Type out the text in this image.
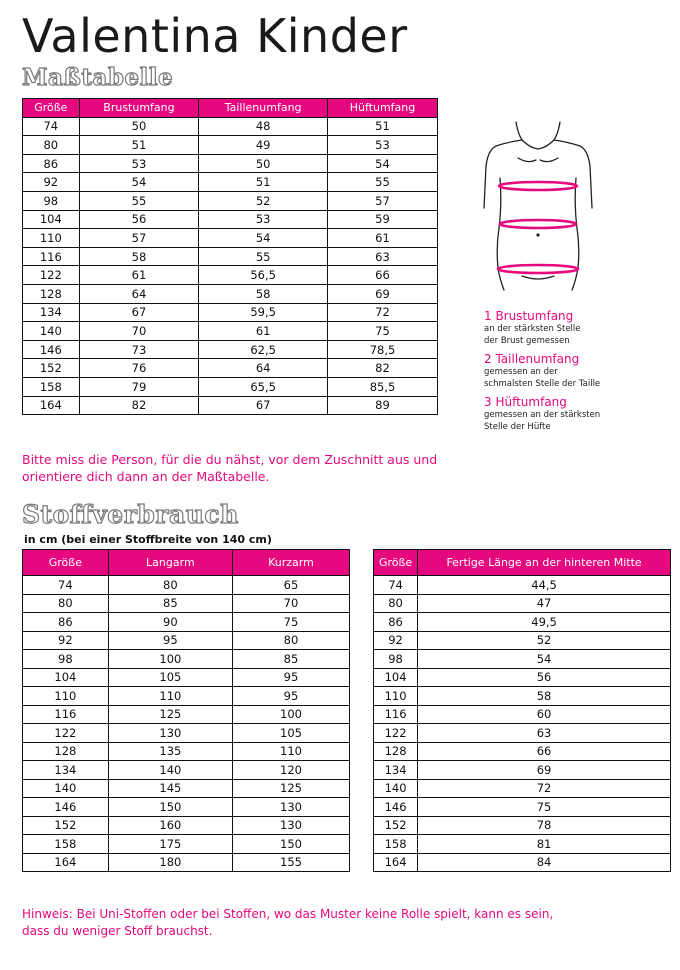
Valentina Kinder
Maßtabelle
Größe	Brustumfang	Taillenumfang	Hüftumfang
74	50	48	51
80	51	49	53
86	53	50	54
92	54	51	55
98	55	52	57
104	56	53	59
110	57	54	61
116	58	55	63
122	61	56,5	66
128	64	58	69
134	67	59,5	72
140	70	61	75
146	73	62,5	78,5
152	76	64	82
158	79	65,5	85,5
164	82	67	89
Bitte miss die Person, für die du nähst, vor dem Zuschnitt aus und orientiere dich dann an der Maßtabelle.
1 Brustumfang
an der stärksten Stelle
der Brust gemessen
2 Taillenumfang
gemessen an der
schmalsten Stelle der Taille
3 Hüftumfang
gemessen an der stärksten
Stelle der Hüfte
Stoffverbrauch
in cm (bei einer Stoffbreite von 140 cm)
Größe	Langarm	Kurzarm
74	80	65
80	85	70
86	90	75
92	95	80
98	100	85
104	105	95
110	110	95
116	125	100
122	130	105
128	135	110
134	140	120
140	145	125
146	150	130
152	160	130
158	175	150
164	180	155
Größe	Fertige Länge an der hinteren Mitte
74	44,5
80	47
86	49,5
92	52
98	54
104	56
110	58
116	60
122	63
128	66
134	69
140	72
146	75
152	78
158	81
164	84
Hinweis: Bei Uni-Stoffen oder bei Stoffen, wo das Muster keine Rolle spielt, kann es sein, dass du weniger Stoff brauchst.
